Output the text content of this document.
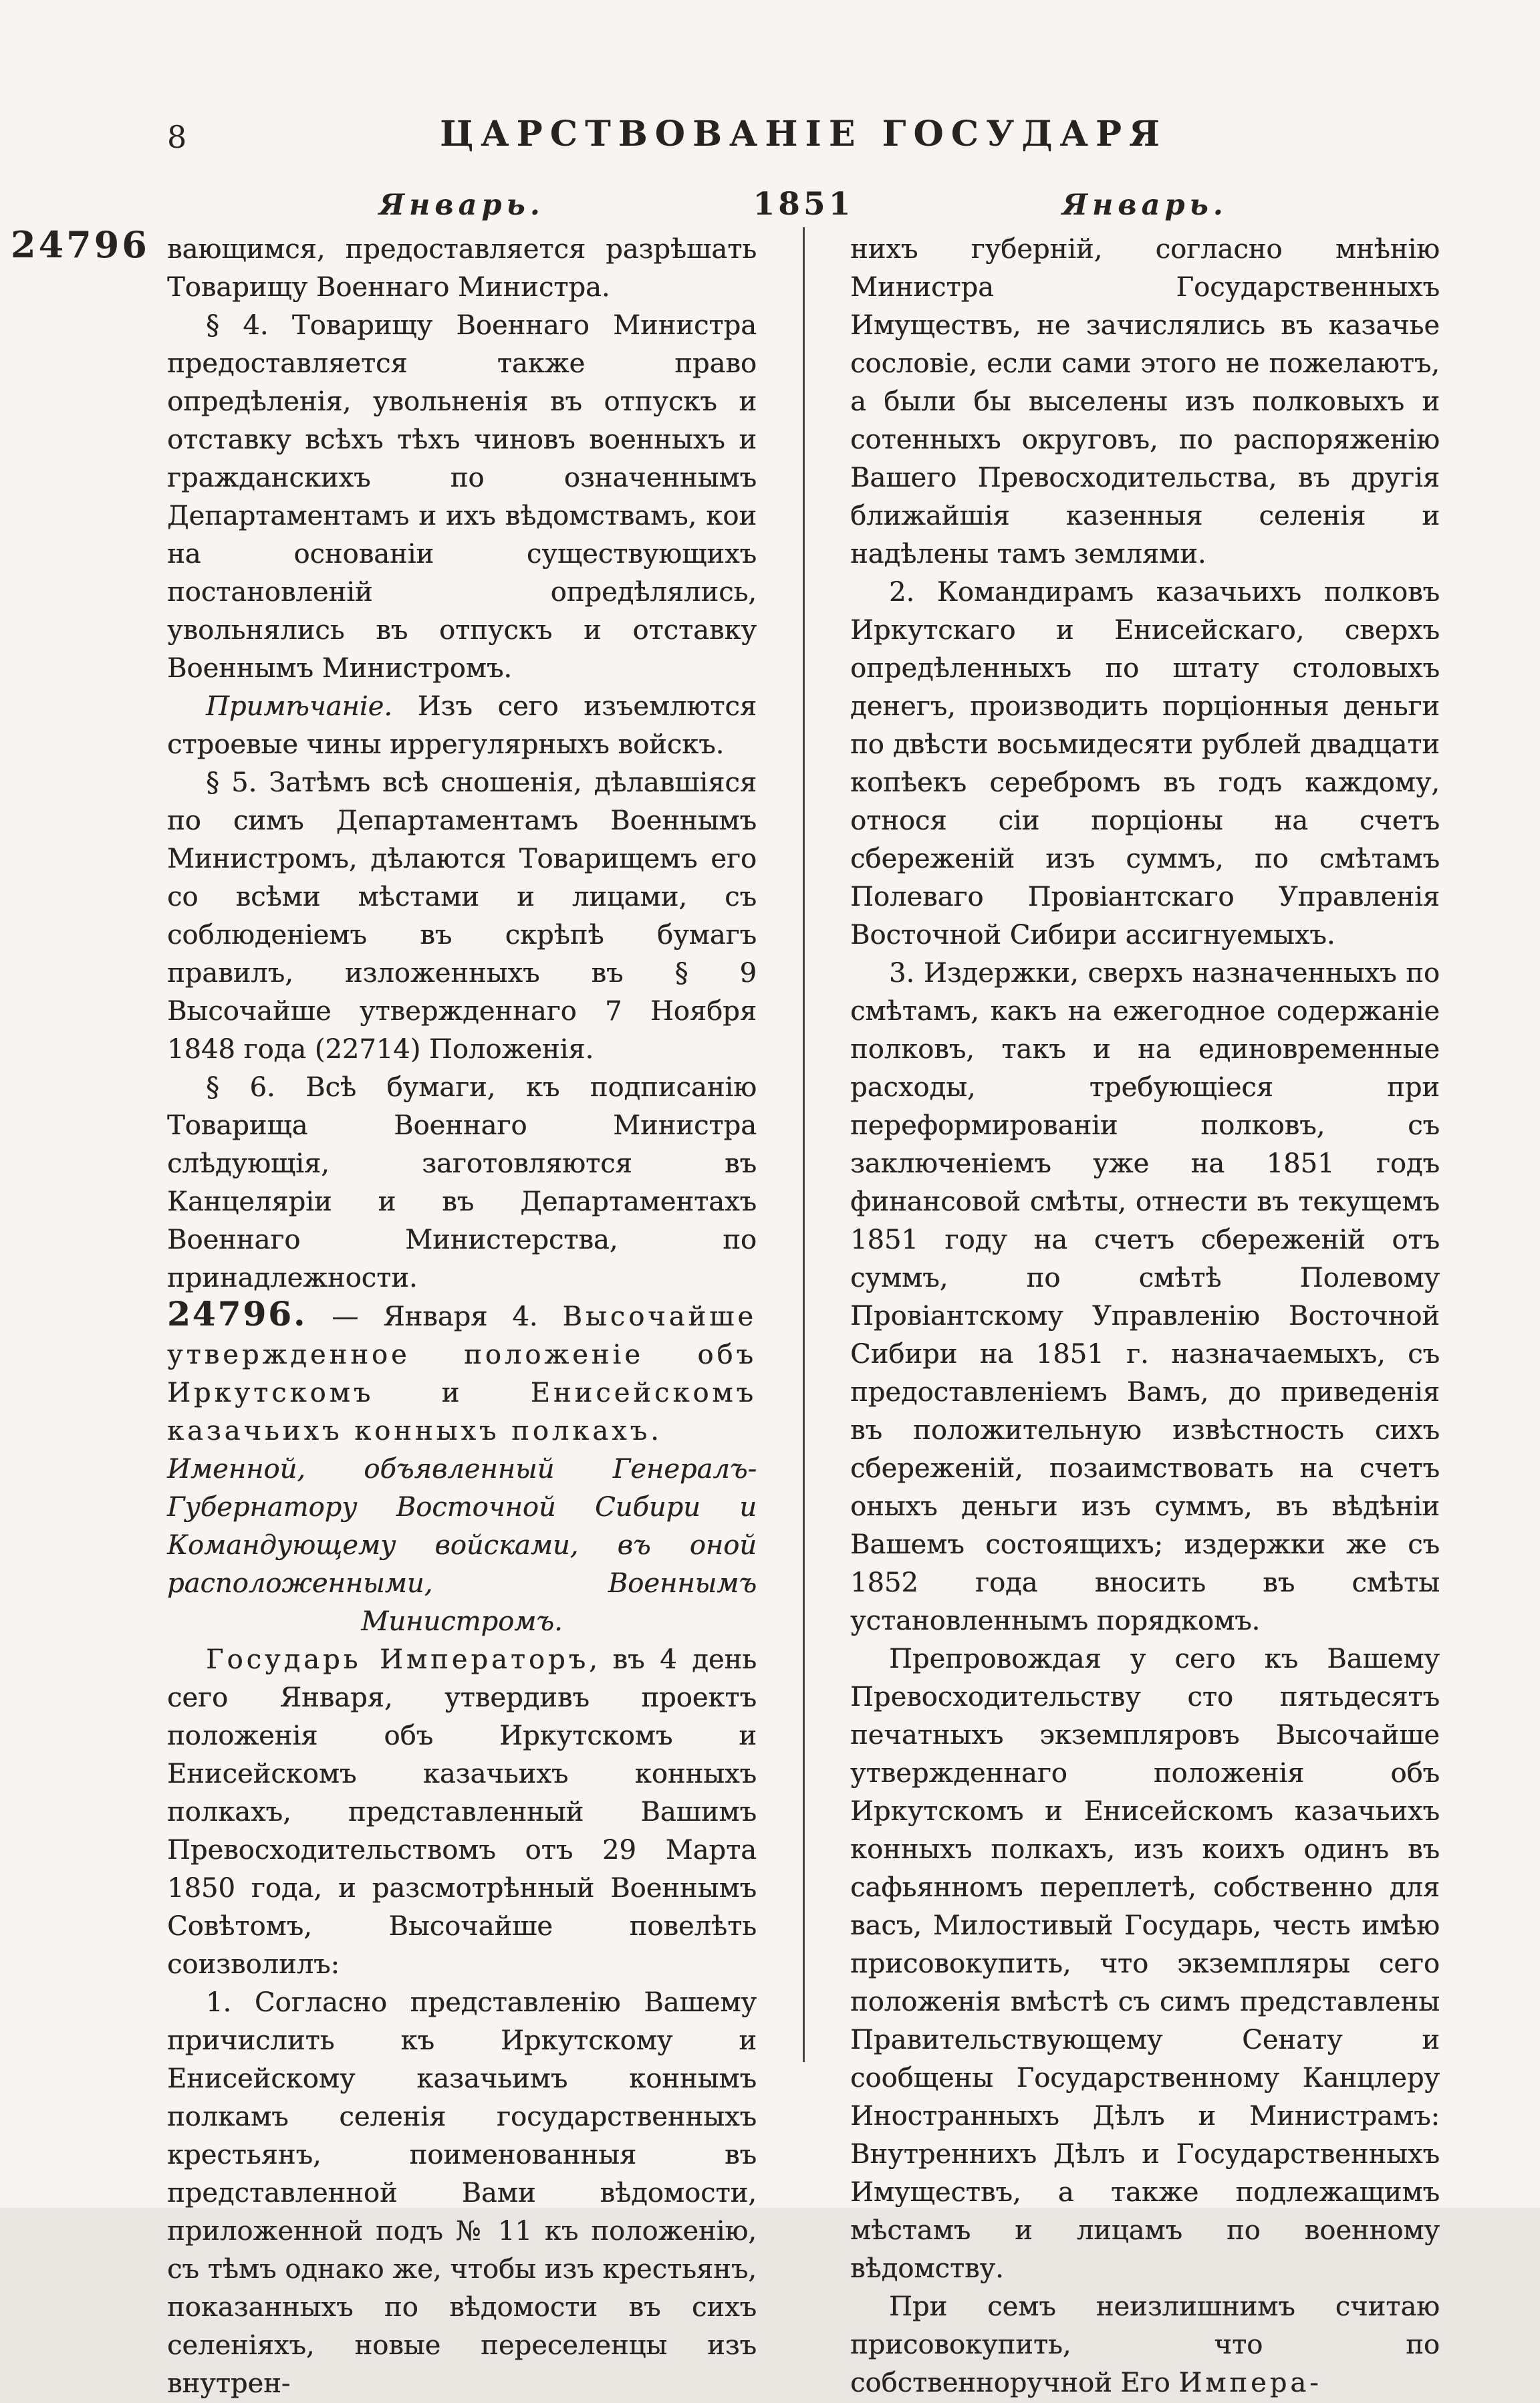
8	ЦАРСТВОВАНІЕ ГОСУДАРЯ
Январь.	1851	Январь.
24796 вающимся, предоставляется разрѣшать Товарищу Военнаго Министра.

§ 4. Товарищу Военнаго Министра предоставляется также право опредѣленія, увольненія въ отпускъ и отставку всѣхъ тѣхъ чиновъ военныхъ и гражданскихъ по означеннымъ Департаментамъ и ихъ вѣдомствамъ, кои на основаніи существующихъ постановленій опредѣлялись, увольнялись въ отпускъ и отставку Военнымъ Министромъ.

Примѣчаніе. Изъ сего изъемлются строевые чины иррегулярныхъ войскъ.

§ 5. Затѣмъ всѣ сношенія, дѣлавшіяся по симъ Департаментамъ Военнымъ Министромъ, дѣлаются Товарищемъ его со всѣми мѣстами и лицами, съ соблюденіемъ въ скрѣпѣ бумагъ правилъ, изложенныхъ въ § 9 Высочайше утвержденнаго 7 Ноября 1848 года (22714) Положенія.

§ 6. Всѣ бумаги, къ подписанію Товарища Военнаго Министра слѣдующія, заготовляются въ Канцеляріи и въ Департаментахъ Военнаго Министерства, по принадлежности.

24796. — Января 4. Высочайше утвержденное положеніе объ Иркутскомъ и Енисейскомъ казачьихъ конныхъ полкахъ.

Именной, объявленный Генералъ-Губернатору Восточной Сибири и Командующему войсками, въ оной расположенными, Военнымъ Министромъ.

Государь Императоръ, въ 4 день сего Января, утвердивъ проектъ положенія объ Иркутскомъ и Енисейскомъ казачьихъ конныхъ полкахъ, представленный Вашимъ Превосходительствомъ отъ 29 Марта 1850 года, и разсмотрѣнный Военнымъ Совѣтомъ, Высочайше повелѣть соизволилъ:

1. Согласно представленію Вашему причислить къ Иркутскому и Енисейскому казачьимъ коннымъ полкамъ селенія государственныхъ крестьянъ, поименованныя въ представленной Вами вѣдомости, приложенной подъ № 11 къ положенію, съ тѣмъ однако же, чтобы изъ крестьянъ, показанныхъ по вѣдомости въ сихъ селеніяхъ, новые переселенцы изъ внутрен-

нихъ губерній, согласно мнѣнію Министра Государственныхъ Имуществъ, не зачислялись въ казачье сословіе, если сами этого не пожелаютъ, а были бы выселены изъ полковыхъ и сотенныхъ округовъ, по распоряженію Вашего Превосходительства, въ другія ближайшія казенныя селенія и надѣлены тамъ землями.

2. Командирамъ казачьихъ полковъ Иркутскаго и Енисейскаго, сверхъ опредѣленныхъ по штату столовыхъ денегъ, производить порціонныя деньги по двѣсти восьмидесяти рублей двадцати копѣекъ серебромъ въ годъ каждому, относя сіи порціоны на счетъ сбереженій изъ суммъ, по смѣтамъ Полеваго Провіантскаго Управленія Восточной Сибири ассигнуемыхъ.

3. Издержки, сверхъ назначенныхъ по смѣтамъ, какъ на ежегодное содержаніе полковъ, такъ и на единовременные расходы, требующіеся при переформированіи полковъ, съ заключеніемъ уже на 1851 годъ финансовой смѣты, отнести въ текущемъ 1851 году на счетъ сбереженій отъ суммъ, по смѣтѣ Полевому Провіантскому Управленію Восточной Сибири на 1851 г. назначаемыхъ, съ предоставленіемъ Вамъ, до приведенія въ положительную извѣстность сихъ сбереженій, позаимствовать на счетъ оныхъ деньги изъ суммъ, въ вѣдѣніи Вашемъ состоящихъ; издержки же съ 1852 года вносить въ смѣты установленнымъ порядкомъ.

Препровождая у сего къ Вашему Превосходительству сто пятьдесятъ печатныхъ экземпляровъ Высочайше утвержденнаго положенія объ Иркутскомъ и Енисейскомъ казачьихъ конныхъ полкахъ, изъ коихъ одинъ въ сафьянномъ переплетѣ, собственно для васъ, Милостивый Государь, честь имѣю присовокупить, что экземпляры сего положенія вмѣстѣ съ симъ представлены Правительствующему Сенату и сообщены Государственному Канцлеру Иностранныхъ Дѣлъ и Министрамъ: Внутреннихъ Дѣлъ и Государственныхъ Имуществъ, а также подлежащимъ мѣстамъ и лицамъ по военному вѣдомству.

При семъ неизлишнимъ считаю присовокупить, что по собственноручной Его Импера-
